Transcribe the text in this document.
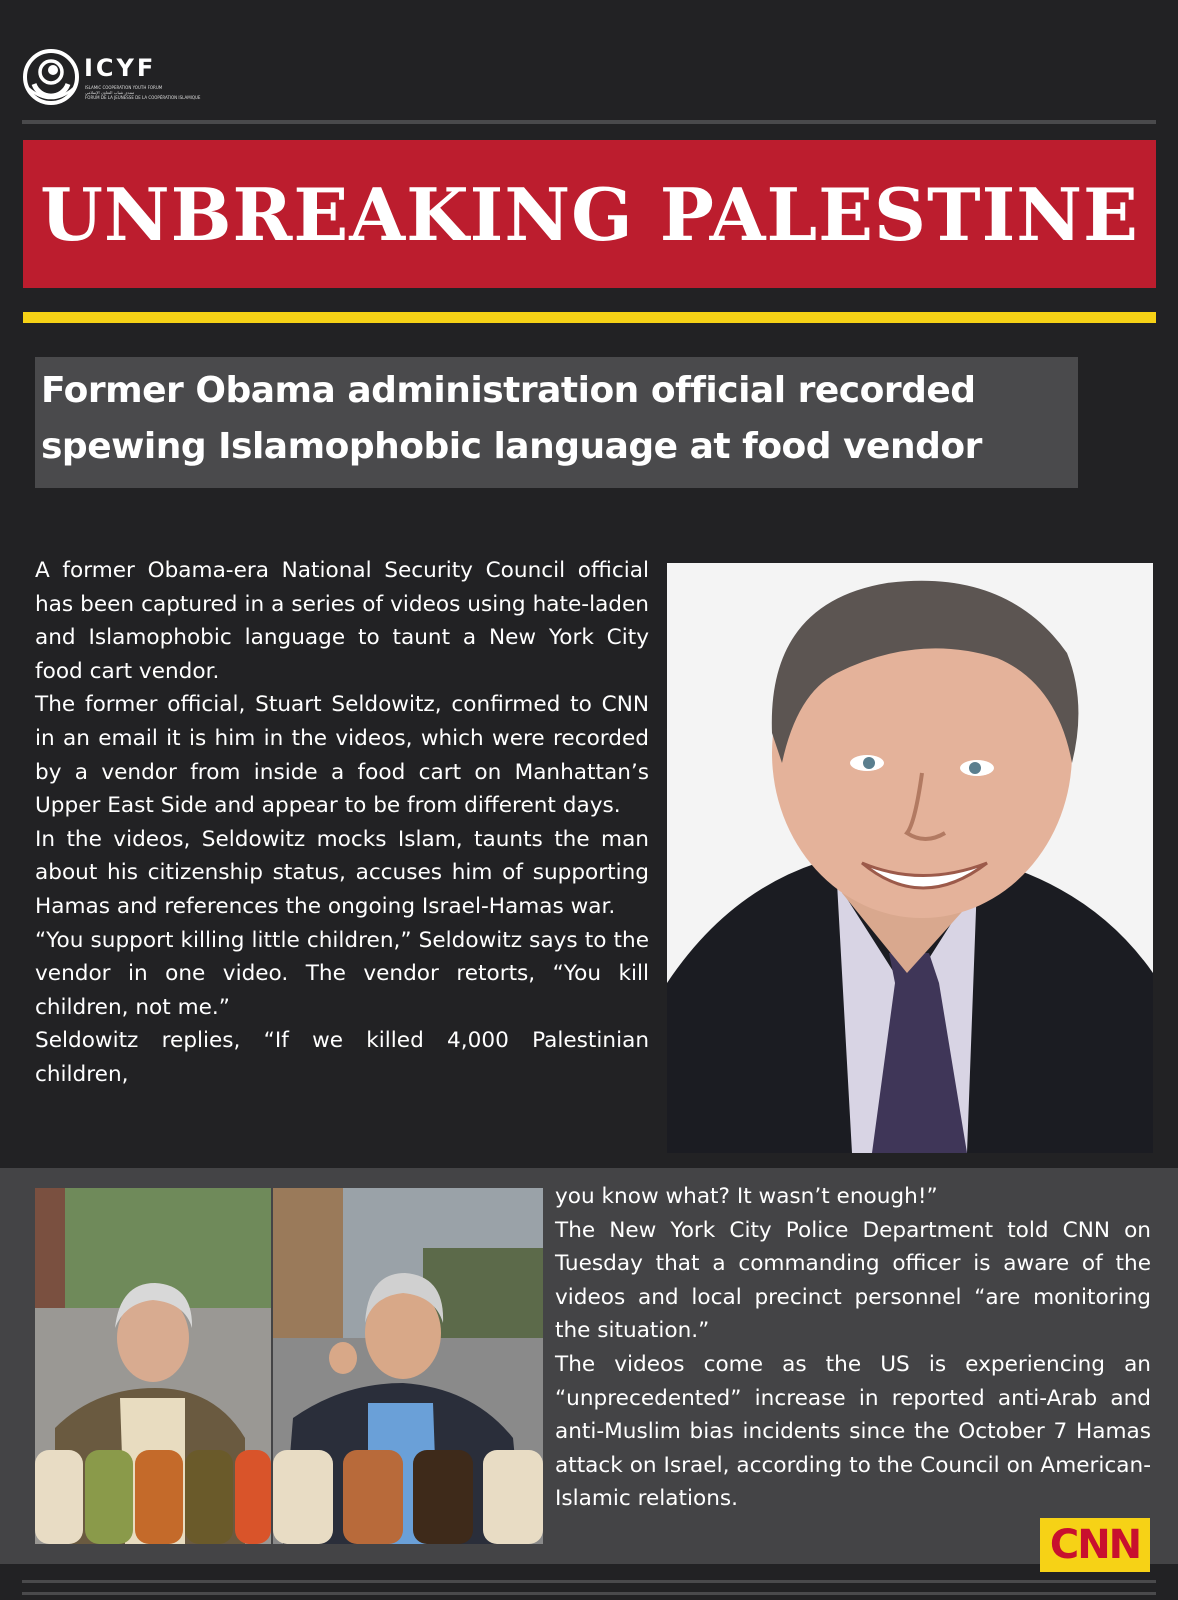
ICYF
ISLAMIC COOPERATION YOUTH FORUM
منتدى شباب التعاون الإسلامي
FORUM DE LA JEUNESSE DE LA COOPÉRATION ISLAMIQUE
UNBREAKING PALESTINE
Former Obama administration official recorded
spewing Islamophobic language at food vendor

A former Obama-era National Security Council official has been captured in a series of videos using hate-laden and Islamophobic language to taunt a New York City food cart vendor.

The former official, Stuart Seldowitz, confirmed to CNN in an email it is him in the videos, which were recorded by a vendor from inside a food cart on Manhattan’s Upper East Side and appear to be from different days.

In the videos, Seldowitz mocks Islam, taunts the man about his citizenship status, accuses him of supporting Hamas and references the ongoing Israel-Hamas war.

“You support killing little children,” Seldowitz says to the vendor in one video. The vendor retorts, “You kill children, not me.”

Seldowitz replies, “If we killed 4,000 Palestinian children,

you know what? It wasn’t enough!”

The New York City Police Department told CNN on Tuesday that a commanding officer is aware of the videos and local precinct personnel “are monitoring the situation.”

The videos come as the US is experiencing an “unprecedented” increase in reported anti-Arab and anti-Muslim bias incidents since the October 7 Hamas attack on Israel, according to the Council on American-Islamic relations.

CNN
